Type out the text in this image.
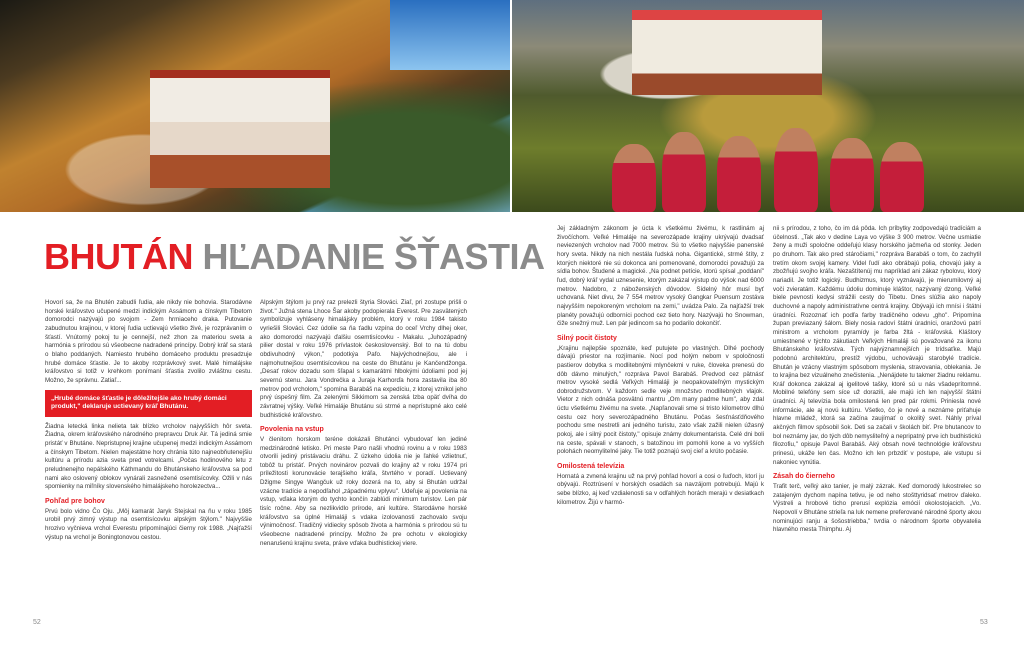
BHUTÁN HĽADANIE ŠŤASTIA

Hovorí sa, že na Bhutén zabudli ľudia, ale nikdy nie bohovia. Starodávne horské kráľovstvo učupené medzi indickým Assámom a čínskym Tibetom domorodci nazývajú po svojom - Zem hrmiaceho draka. Putovanie zabudnutou krajinou, v ktorej ľudia uctievajú všetko živé, je rozprávaním o šťastí. Vnútorný pokoj tu je cennejší, než zhon za materiou sveta a harmónia s prírodou sú všeobecne nadradené princípy. Dobrý kráľ sa stará o blaho poddaných. Namiesto hrubého domáceho produktu presadzuje hrubé domáce šťastie. Je to akoby rozprávkový svet. Malé himalájske kráľovstvo si totiž v krehkom ponímaní šťastia zvolilo zvláštnu cestu. Možno, že správnu. Zatiaľ...

„Hrubé domáce šťastie je dôležitejšie ako hrubý domáci produkt," deklaruje uctievaný kráľ Bhutánu.

Žiadna letecká linka nelieta tak blízko vrcholov najvyšších hôr sveta. Žiadna, okrem kráľovského národného prepravcu Druk Air. Tá jediná smie pristáť v Bhutáne. Nepristupnej krajine učupenej medzi indickým Assámom a čínskym Tibetom. Nielen majestátne hory chránia túto najneobňutenejšiu kultúru a prírodu azia sveta pred votrelcami. „Počas hodinového letu z preludnenejho nepálského Káthmandu do Bhutánskeho kráľovstva sa pod nami ako oslovený oblokov vynárali zasnežené osemtisícovky. Ožili v nás spomienky na miľníky slovenského himalájskeho horolezectva...

Pohľad pre bohov

Prvú bolo vidno Čo Oju. „Môj kamarát Jaryk Stejskal na ňu v roku 1985 urobil prvý zimný výstup na osemtisícovku alpským štýlom." Najvyššie hrozivo vyčnieva vrchol Everestu pripomínajúci čierny rok 1988. „Najťažší výstup na vrchol je Boningtonovou cestou.

Alpským štýlom ju prvý raz prelezli štyria Slováci. Žiaľ, pri zostupe prišli o život." Južná stena Lhoce Šar akoby podopierala Everest. Pre zasvätených symbolizuje vyhláseny himalájsky problém, ktorý v roku 1984 takisto vyriešili Slováci. Cez údolie sa ňa ťadlu vzpína do oceľ Vrchy dlhej oker, ako domorodci nazývajú ďalšiu osemtisícovku - Makalu. „Juhozápadný pilier dostal v roku 1976 prívlastok československý. Bol to na tú dobu obdivuhodný výkon," podotkýa Pafo. Najvýchodnejšou, ale i najmohutnejšou osemtisícovkou na ceste do Bhutánu je Kančendžonga. „Desať rokov dozadu som šľapal s kamarátmi hlbokými údoliami pod jej severnú stenu. Jara Vondrečka a Juraja Karhorďa hora zastavila iba 80 metrov pod vrcholom," spomína Barabáš na expedíciu, z ktorej vznikol jeho prvý úspešný film. Za zelenými Sikkimom sa zenská Izba opäť dvíha do závratnej výšky. Veľké Himaláje Bhutánu sú strmé a neprístupné ako celé budhistické kráľovstvo.

Povolenia na vstup

V členitom horskom teréne dokázali Bhutánci vybudovať len jediné medzinárodné letisko. Pri meste Paro našli vhodnú rovinu a v roku 1983 otvorili jediný pristávaciu dráhu. Z úzkeho údolia nie je ľahké vzlietnuť, tobôž tu pristáť. Prvých novinárov pozvali do krajiny až v roku 1974 pri príležitosti korunovácie terajšieho kráľa, štvrtého v poradí. Uctievaný Džigme Singye Wangčuk už roky dozerá na to, aby si Bhután udržal vzácne tradície a nepodľahol „západnému vplyvu". Udeľuje aj povolenia na vstup, vďaka ktorým do tychto končín zablúdi minimum turistov. Len pár tisíc ročne. Aby sa nezlikvidlo prírode, ani kultúre. Starodávne horské kráľovstvo sa úplné Himaláji s vdaka izolovanosti zachovalo svoju výnimočnosť. Tradičný vidiecky spôsob života a harmónia s prírodou sú tu všeobecne nadradené princípy. Možno že pre ochotu v ekologicky nenarušenú krajinu sveta, práve vďaka budhistickej viere.

Jej základným zákonom je úcta k všetkému živému, k rastlinám aj živočíchom. Veľké Himaláje na severozápade krajiny ukrývajú dvadsať neviezených vrcholov nad 7000 metrov. Sú to všetko najvyššie panenské hory sveta. Nikdy na nich nestála ľudská noha. Gigantické, strmé štíty, z ktorých niektoré nie sú dokonca ani pomenované, domorodci považujú za sídla bohov. Študené a magické. „Na podnet petície, ktorú spísal „poddaní" ľud, dobrý kráľ vydal uznesenie, ktorým zakázal výstup do výšok nad 6000 metrov. Nadobro, z náboženských dôvodov. Sídelný hôr musí byť uchovaná. Niet divu, že 7 554 metrov vysoký Gangkar Puensum zostáva najvyšším nepokoreným vrcholom na zemi," uvádza Palo. Za najťažší trek planéty považujú odborníci pochod cez tieto hory. Nazývajú ho Snowman, čiže snežný muž. Len pár jedincom sa ho podarilo dokončiť.

Silný pocit čistoty

„Krajinu najlepšie spoznáte, keď putujete po vlastných. Dlhé pochody dávajú priestor na rozjímanie. Nocí pod holým nebom v spoločnosti pastierov dobytka s modlitebnými mlynčekmi v ruke, človeka prenesú do dôb dávno minulých," rozpráva Pavol Barabáš. Predvod cez pätnásť metrov vysoké sedlá Veľkých Himaláji je neopakovateľným mystickým dobrodružstvom. V každom sedle veje množstvo modlitebných vlajok. Vietor z nich odnáša posvätnú mantru „Om many padme hum", aby zdal úctu všetkému živému na svete. „Napľanovali sme si tristo kilometrov dlhú cestu cez hory severozápadného Bhutánu. Počas šesťnásťdňového pochodu sme nestretli ani jedného turistu, zato však zažili nielen úžasný pokoj, ale i silný pocit čistoty," opisuje známy dokumentarista. Celé dni boli na ceste, spávali v stanoch, s batožinou im pomohli kone a vo vyšších polohách neomylitelné jaky. Tie totiž poznajú svoj cieľ a krúto počasie.

Omilostená televízia

Hornatá a zvnená krajinu už na prvý pohľad hovorí a cosi o ľuďoch, ktorí ju obývajú. Roztrúsení v horských osadách sa navzájom potrebujú. Majú k sebe blízko, aj keď vzdialenosti sa v odľahlých horách merajú v desiatkach kilometrov. Žijú v harmó-

nii s prírodou, z toho, čo im dá pôda. Ich príbytky zodpovedajú tradíciám a účelnosti. „Tak ako v dedine Laya vo výške 3 900 metrov. Večne usmiatie ženy a muži spoločne oddeľujú klasy horského jačmeňa od stonky. Jeden po druhom. Tak ako pred stáročiami," rozpráva Barabáš o tom, čo zachytil tretím okom svojej kamery. Videl ľudí ako obrábajú polia, chovajú jaky a zbožňujú svojho kráľa. Nezaštítenúj mu napríklad ani zákaz rybolovu, ktorý nariadil. Je totiž logický. Budhizmus, ktorý vyznávajú, je mierumilovný aj voči zvieratám. Každému údoliu dominuje kláštor, nazývaný dzong. Veľké biele pevnosti kedysi strážili cesty do Tibetu. Dnes slúžia ako napoly duchovné a napoly administratívne centrá krajiny. Obývajú ich mnísi i štátni úradníci. Rozoznať ich podľa farby tradičného odevu „gho". Pripomína župan previazaný šálom. Biely nosia radoví štátni úradníci, oranžovú patrí ministrom a vrcholom pyramídy je farba žltá - kráľovská. Kláštory umiestnené v týchto zákutiach Veľkých Himaláji sú považované za ikonu Bhutánskeho kráľovstva. Tých najvýznamnejších je trídsaťke. Majú podobnú architektúru, prestíž výdobu, uchovávajú starobylé tradície. Bhután je vzácny vlastným spôsobom myslenia, stravovania, oblekania. Je to krajina bez vizuálneho znečistenia. „Nenájdete tu takmer žiadnu reklamu. Kráľ dokonca zakázal aj igelitové tašky, ktoré sú u nás všadeprítomné. Mobilné telefóny sem síce už dorazili, ale majú ich len najvyšší štátni úradníci. Aj televízia bola omilostená len pred pár rokmi. Priniesla nové informácie, ale aj novú kultúru. Všetko, čo je nové a neznáme priťahuje hlavne mládež, ktorá sa začína zaujímať o okolitý svet. Náhly príval akčných filmov spôsobil šok. Deti sa začali v školách biť. Pre bhutancov to bol neznámy jav, do tých dôb nemysliteľný a nepripatný prve ich budhistickú filozofiu," opisuje Pavol Barabáš. Aký obsah nové technológie kráľovstvu prinesú, ukáže len čas. Možno ich len prbzdiť v postupe, ale vstupu si nakoniec vynútia.

Zásah do čierneho

Trafit terč, veľký ako tanier, je malý zázrak. Keď domorodý lukostrelec so zatajeným dychom napína tetivu, je od neho stošttyridsať metrov ďaleko. Výstreli a hrobové ticho prerusí explózia emócií okolostojacich. „Vo. Nepovolí v Bhutáne strieľa na luk nemene preferované národné športy akou nominujúci ranju a šošostriebba," tvrdia o národnom športe obyvatelia hlavného mesta Thimphu. Aj

52	53
